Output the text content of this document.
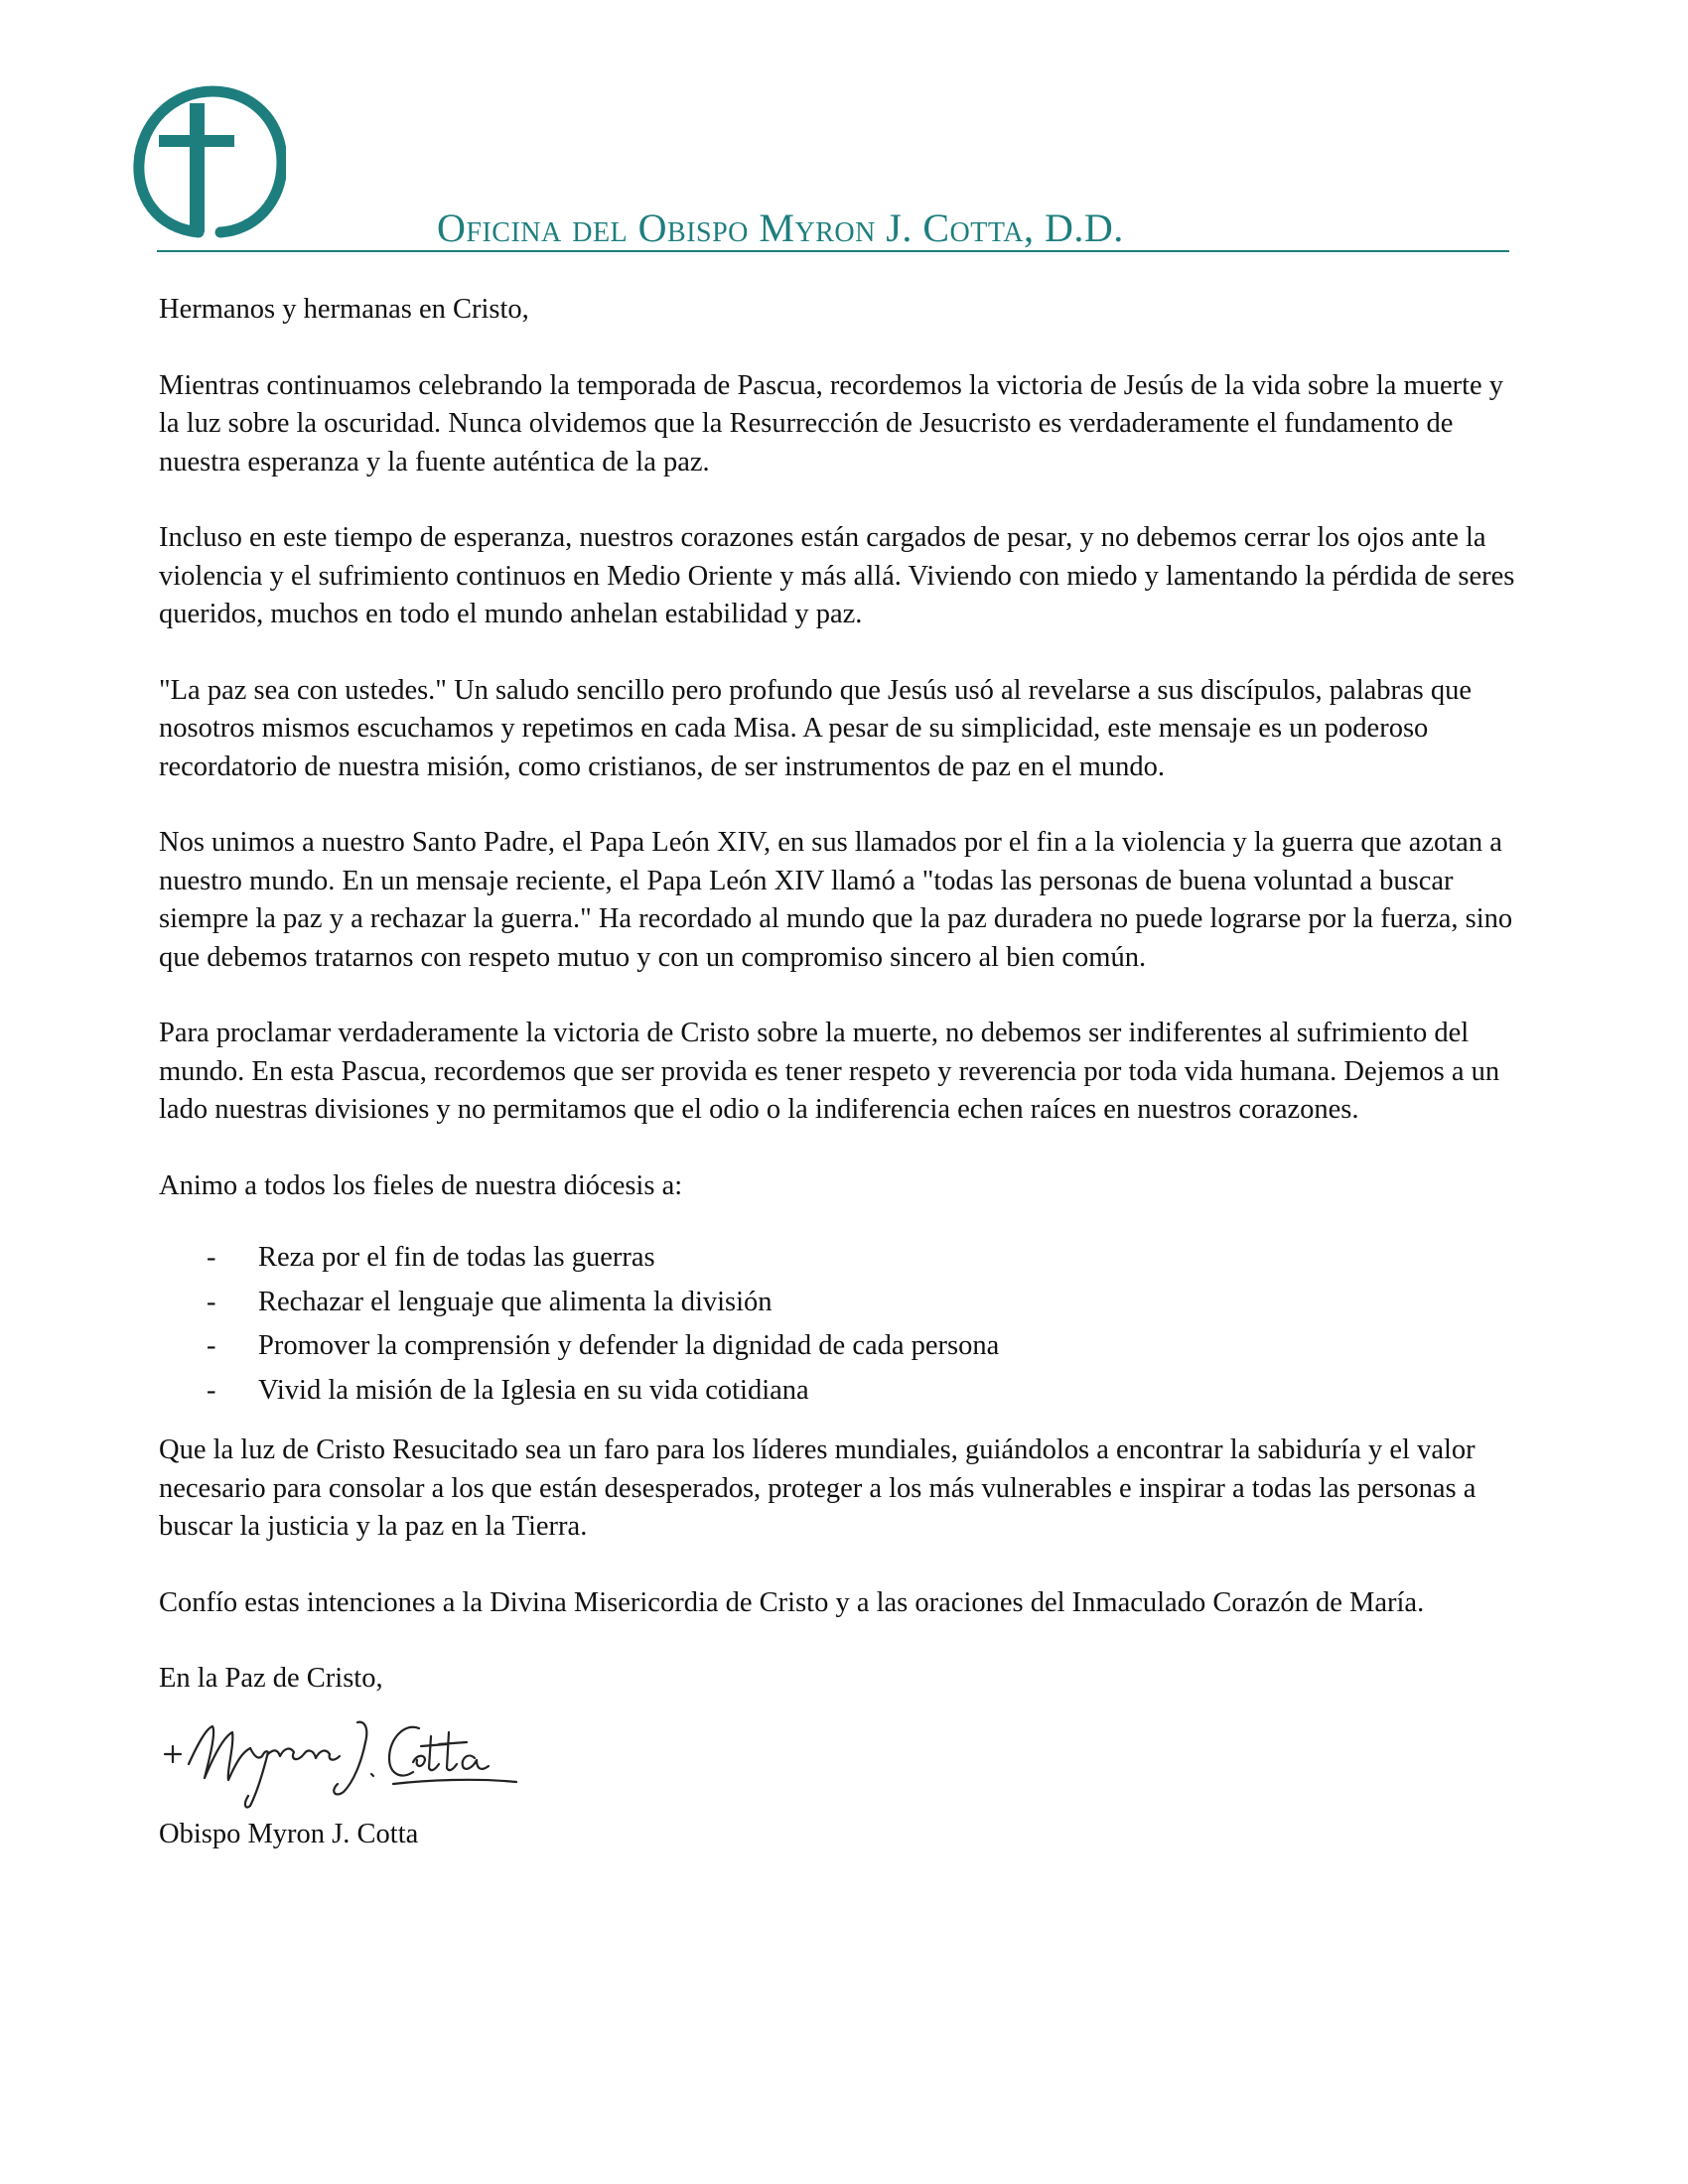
Oficina del Obispo Myron J. Cotta, D.D.

Hermanos y hermanas en Cristo,

Mientras continuamos celebrando la temporada de Pascua, recordemos la victoria de Jesús de la vida sobre la muerte y la luz sobre la oscuridad. Nunca olvidemos que la Resurrección de Jesucristo es verdaderamente el fundamento de nuestra esperanza y la fuente auténtica de la paz.

Incluso en este tiempo de esperanza, nuestros corazones están cargados de pesar, y no debemos cerrar los ojos ante la violencia y el sufrimiento continuos en Medio Oriente y más allá. Viviendo con miedo y lamentando la pérdida de seres queridos, muchos en todo el mundo anhelan estabilidad y paz.

"La paz sea con ustedes." Un saludo sencillo pero profundo que Jesús usó al revelarse a sus discípulos, palabras que nosotros mismos escuchamos y repetimos en cada Misa. A pesar de su simplicidad, este mensaje es un poderoso recordatorio de nuestra misión, como cristianos, de ser instrumentos de paz en el mundo.

Nos unimos a nuestro Santo Padre, el Papa León XIV, en sus llamados por el fin a la violencia y la guerra que azotan a nuestro mundo. En un mensaje reciente, el Papa León XIV llamó a "todas las personas de buena voluntad a buscar siempre la paz y a rechazar la guerra." Ha recordado al mundo que la paz duradera no puede lograrse por la fuerza, sino que debemos tratarnos con respeto mutuo y con un compromiso sincero al bien común.

Para proclamar verdaderamente la victoria de Cristo sobre la muerte, no debemos ser indiferentes al sufrimiento del mundo. En esta Pascua, recordemos que ser provida es tener respeto y reverencia por toda vida humana. Dejemos a un lado nuestras divisiones y no permitamos que el odio o la indiferencia echen raíces en nuestros corazones.

Animo a todos los fieles de nuestra diócesis a:

- Reza por el fin de todas las guerras
- Rechazar el lenguaje que alimenta la división
- Promover la comprensión y defender la dignidad de cada persona
- Vivid la misión de la Iglesia en su vida cotidiana

Que la luz de Cristo Resucitado sea un faro para los líderes mundiales, guiándolos a encontrar la sabiduría y el valor necesario para consolar a los que están desesperados, proteger a los más vulnerables e inspirar a todas las personas a buscar la justicia y la paz en la Tierra.

Confío estas intenciones a la Divina Misericordia de Cristo y a las oraciones del Inmaculado Corazón de María.

En la Paz de Cristo,

Obispo Myron J. Cotta
